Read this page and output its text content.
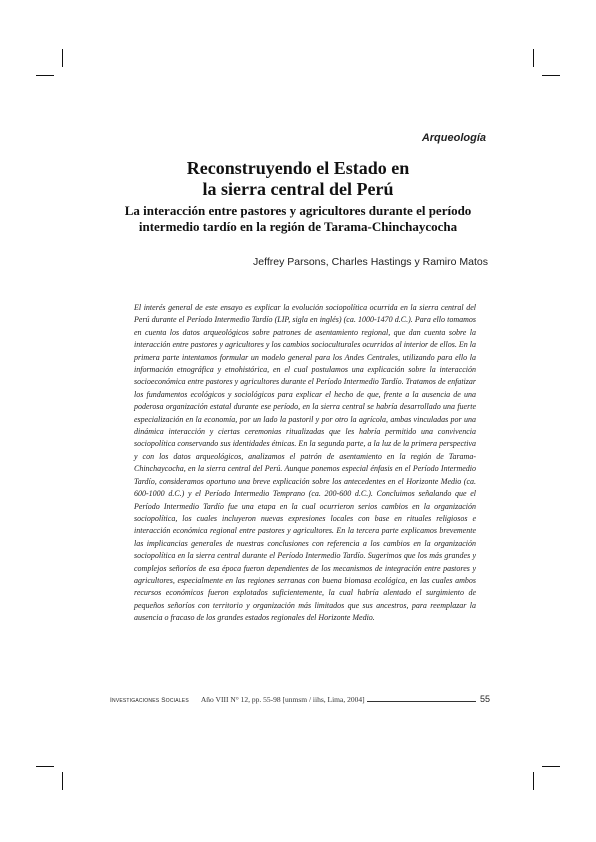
Arqueología
Reconstruyendo el Estado en
la sierra central del Perú
La interacción entre pastores y agricultores durante el período
intermedio tardío en la región de Tarama-Chinchaycocha
Jeffrey Parsons, Charles Hastings y Ramiro Matos

El interés general de este ensayo es explicar la evolución sociopolítica ocurrida en la sierra central del Perú durante el Período Intermedio Tardío (LIP, sigla en inglés) (ca. 1000-1470 d.C.). Para ello tomamos en cuenta los datos arqueológicos sobre patrones de asentamiento regional, que dan cuenta sobre la interacción entre pastores y agricultores y los cambios socioculturales ocurridos al interior de ellos. En la primera parte intentamos formular un modelo general para los Andes Centrales, utilizando para ello la información etnográfica y etnohistórica, en el cual postulamos una explicación sobre la interacción socioeconómica entre pastores y agricultores durante el Período Intermedio Tardío. Tratamos de enfatizar los fundamentos ecológicos y sociológicos para explicar el hecho de que, frente a la ausencia de una poderosa organización estatal durante ese período, en la sierra central se habría desarrollado una fuerte especialización en la economía, por un lado la pastoril y por otro la agrícola, ambas vinculadas por una dinámica interacción y ciertas ceremonias ritualizadas que les habría permitido una convivencia sociopolítica conservando sus identidades étnicas. En la segunda parte, a la luz de la primera perspectiva y con los datos arqueológicos, analizamos el patrón de asentamiento en la región de Tarama-Chinchaycocha, en la sierra central del Perú. Aunque ponemos especial énfasis en el Período Intermedio Tardío, consideramos oportuno una breve explicación sobre los antecedentes en el Horizonte Medio (ca. 600-1000 d.C.) y el Período Intermedio Temprano (ca. 200-600 d.C.). Concluimos señalando que el Período Intermedio Tardío fue una etapa en la cual ocurrieron serios cambios en la organización sociopolítica, los cuales incluyeron nuevas expresiones locales con base en rituales religiosos e interacción económica regional entre pastores y agricultores. En la tercera parte explicamos brevemente las implicancias generales de nuestras conclusiones con referencia a los cambios en la organización sociopolítica en la sierra central durante el Período Intermedio Tardío. Sugerimos que los más grandes y complejos señoríos de esa época fueron dependientes de los mecanismos de integración entre pastores y agricultores, especialmente en las regiones serranas con buena biomasa ecológica, en las cuales ambos recursos económicos fueron explotados suficientemente, la cual habría alentado el surgimiento de pequeños señoríos con territorio y organización más limitados que sus ancestros, para reemplazar la ausencia o fracaso de los grandes estados regionales del Horizonte Medio.

Investigaciones Sociales Año VIII N° 12, pp. 55-98 [unmsm / iihs, Lima, 2004]	55
